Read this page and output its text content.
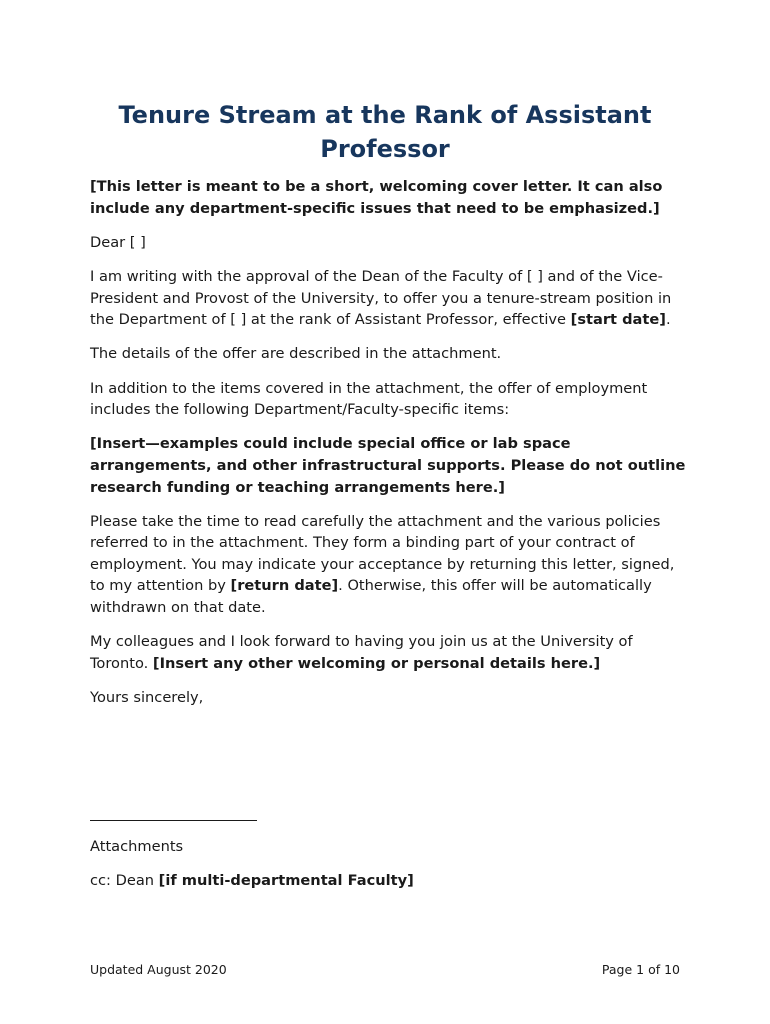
Tenure Stream at the Rank of Assistant Professor

[This letter is meant to be a short, welcoming cover letter. It can also include any department-specific issues that need to be emphasized.]

Dear [ ]

I am writing with the approval of the Dean of the Faculty of [ ] and of the Vice-President and Provost of the University, to offer you a tenure-stream position in the Department of [ ] at the rank of Assistant Professor, effective [start date].

The details of the offer are described in the attachment.

In addition to the items covered in the attachment, the offer of employment includes the following Department/Faculty-specific items:

[Insert—examples could include special office or lab space arrangements, and other infrastructural supports. Please do not outline research funding or teaching arrangements here.]

Please take the time to read carefully the attachment and the various policies referred to in the attachment. They form a binding part of your contract of employment. You may indicate your acceptance by returning this letter, signed, to my attention by [return date]. Otherwise, this offer will be automatically withdrawn on that date.

My colleagues and I look forward to having you join us at the University of Toronto. [Insert any other welcoming or personal details here.]

Yours sincerely,

Attachments

cc: Dean [if multi-departmental Faculty]

Updated August 2020	Page 1 of 10
